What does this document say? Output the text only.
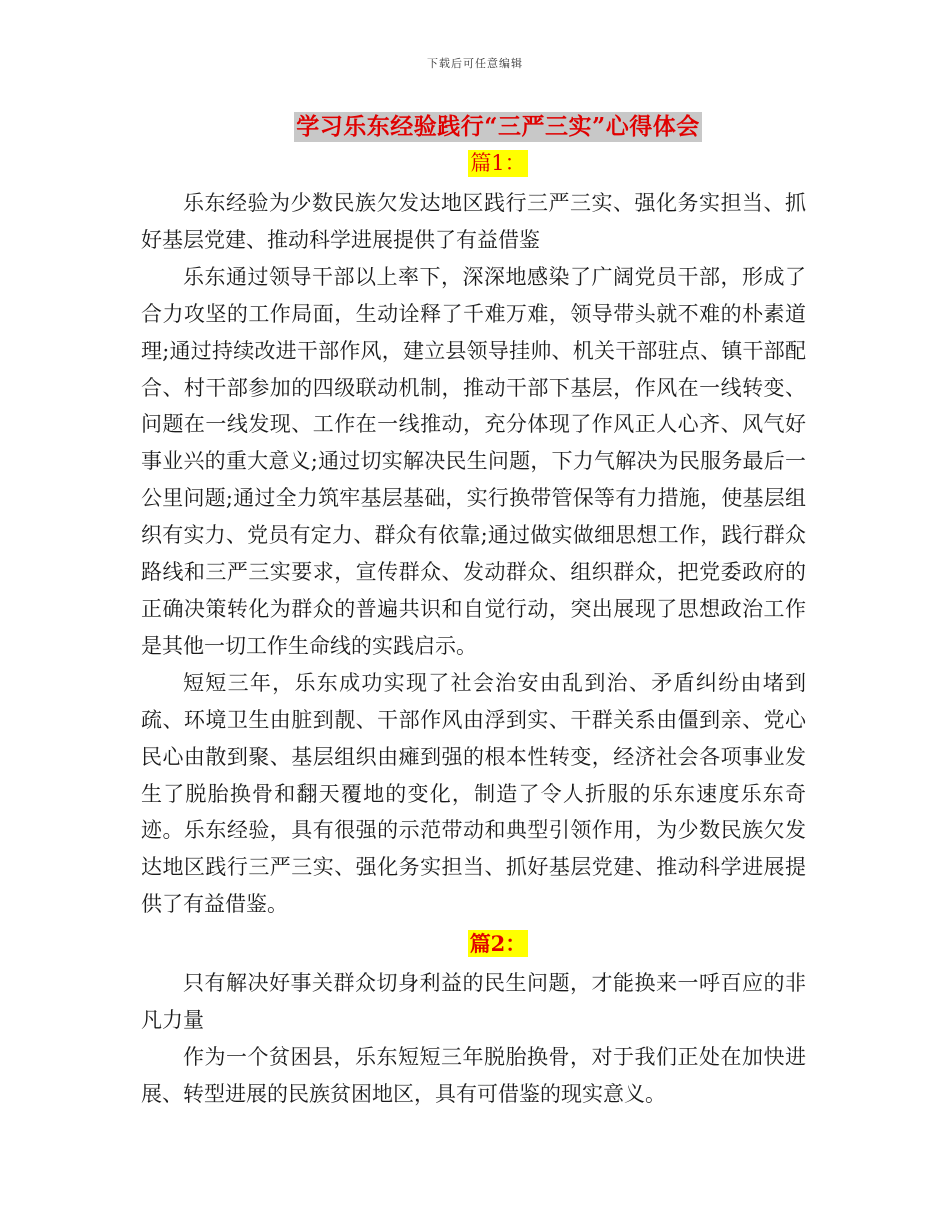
下载后可任意编辑
学习乐东经验践行“三严三实”心得体会
篇1：

乐东经验为少数民族欠发达地区践行三严三实、强化务实担当、抓好基层党建、推动科学进展提供了有益借鉴

乐东通过领导干部以上率下，深深地感染了广阔党员干部，形成了合力攻坚的工作局面，生动诠释了千难万难，领导带头就不难的朴素道理;通过持续改进干部作风，建立县领导挂帅、机关干部驻点、镇干部配合、村干部参加的四级联动机制，推动干部下基层，作风在一线转变、问题在一线发现、工作在一线推动，充分体现了作风正人心齐、风气好事业兴的重大意义;通过切实解决民生问题，下力气解决为民服务最后一公里问题;通过全力筑牢基层基础，实行换带管保等有力措施，使基层组织有实力、党员有定力、群众有依靠;通过做实做细思想工作，践行群众路线和三严三实要求，宣传群众、发动群众、组织群众，把党委政府的正确决策转化为群众的普遍共识和自觉行动，突出展现了思想政治工作是其他一切工作生命线的实践启示。

短短三年，乐东成功实现了社会治安由乱到治、矛盾纠纷由堵到疏、环境卫生由脏到靓、干部作风由浮到实、干群关系由僵到亲、党心民心由散到聚、基层组织由瘫到强的根本性转变，经济社会各项事业发生了脱胎换骨和翻天覆地的变化，制造了令人折服的乐东速度乐东奇迹。乐东经验，具有很强的示范带动和典型引领作用，为少数民族欠发达地区践行三严三实、强化务实担当、抓好基层党建、推动科学进展提供了有益借鉴。

篇2：

只有解决好事关群众切身利益的民生问题，才能换来一呼百应的非凡力量

作为一个贫困县，乐东短短三年脱胎换骨，对于我们正处在加快进展、转型进展的民族贫困地区，具有可借鉴的现实意义。
